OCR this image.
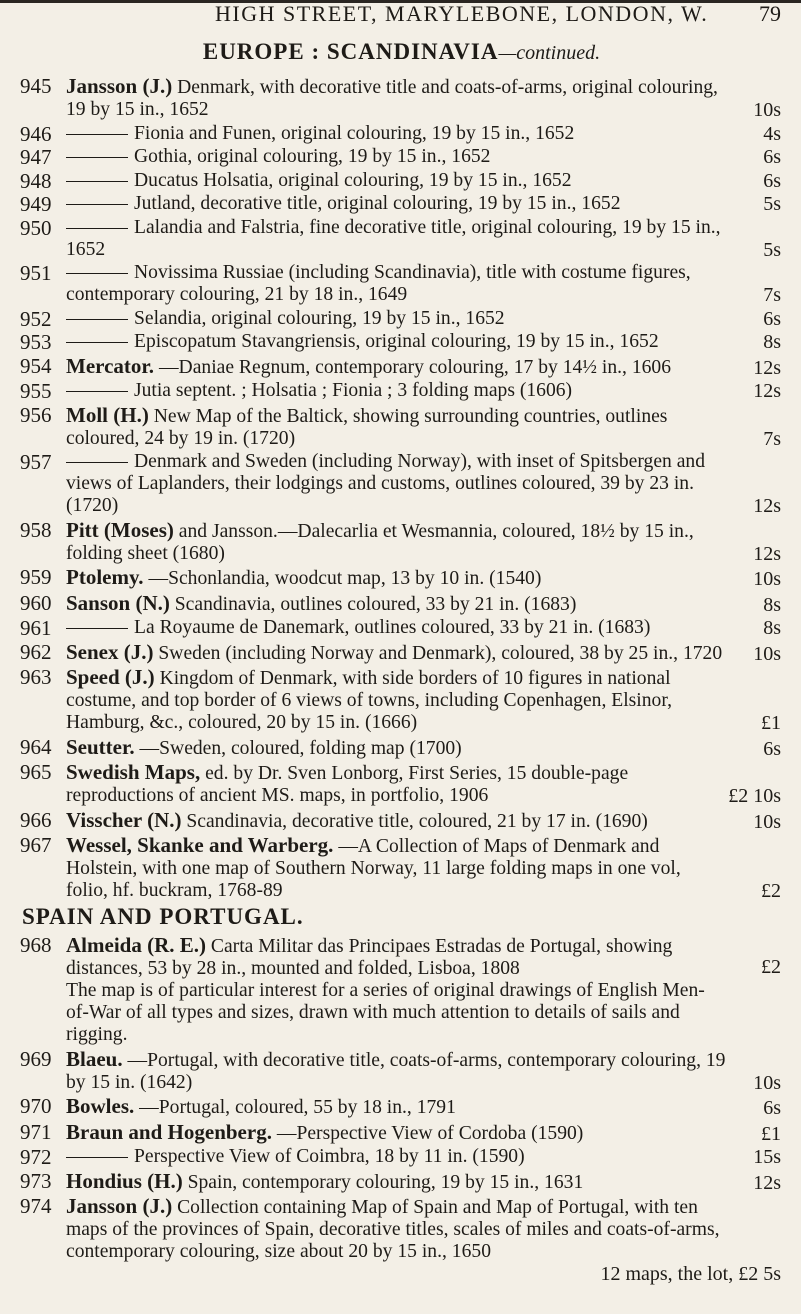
HIGH STREET, MARYLEBONE, LONDON, W. 79
EUROPE : SCANDINAVIA—continued.
945 Jansson (J.) Denmark, with decorative title and coats-of-arms, original colouring, 19 by 15 in., 1652	10s
946	Fionia and Funen, original colouring, 19 by 15 in., 1652	4s
947	Gothia, original colouring, 19 by 15 in., 1652	6s
948	Ducatus Holsatia, original colouring, 19 by 15 in., 1652	6s
949	Jutland, decorative title, original colouring, 19 by 15 in., 1652	5s
950	Lalandia and Falstria, fine decorative title, original colouring, 19 by 15 in., 1652	5s
951	Novissima Russiae (including Scandinavia), title with costume figures, contemporary colouring, 21 by 18 in., 1649	7s
952	Selandia, original colouring, 19 by 15 in., 1652	6s
953	Episcopatum Stavangriensis, original colouring, 19 by 15 in., 1652	8s
954 Mercator. —Daniae Regnum, contemporary colouring, 17 by 14½ in., 1606	12s
955	Jutia septent. ; Holsatia ; Fionia ; 3 folding maps (1606)	12s
956 Moll (H.) New Map of the Baltick, showing surrounding countries, outlines coloured, 24 by 19 in. (1720)	7s
957	Denmark and Sweden (including Norway), with inset of Spitsbergen and views of Laplanders, their lodgings and customs, outlines coloured, 39 by 23 in. (1720)	12s
958 Pitt (Moses) and Jansson.—Dalecarlia et Wesmannia, coloured, 18½ by 15 in., folding sheet (1680)	12s
959 Ptolemy. —Schonlandia, woodcut map, 13 by 10 in. (1540)	10s
960 Sanson (N.) Scandinavia, outlines coloured, 33 by 21 in. (1683)	8s
961	La Royaume de Danemark, outlines coloured, 33 by 21 in. (1683)	8s
962 Senex (J.) Sweden (including Norway and Denmark), coloured, 38 by 25 in., 1720 10s
963 Speed (J.) Kingdom of Denmark, with side borders of 10 figures in national costume, and top border of 6 views of towns, including Copenhagen, Elsinor, Hamburg, &c., coloured, 20 by 15 in. (1666)	£1
964 Seutter. —Sweden, coloured, folding map (1700)	6s
965 Swedish Maps, ed. by Dr. Sven Lonborg, First Series, 15 double-page reproductions of ancient MS. maps, in portfolio, 1906	£2 10s
966 Visscher (N.) Scandinavia, decorative title, coloured, 21 by 17 in. (1690)	10s
967 Wessel, Skanke and Warberg. —A Collection of Maps of Denmark and Holstein, with one map of Southern Norway, 11 large folding maps in one vol, folio, hf. buckram, 1768-89	£2
SPAIN AND PORTUGAL.
968 Almeida (R. E.) Carta Militar das Principaes Estradas de Portugal, showing distances, 53 by 28 in., mounted and folded, Lisboa, 1808	£2
The map is of particular interest for a series of original drawings of English Men-of-War of all types and sizes, drawn with much attention to details of sails and rigging.
969 Blaeu. —Portugal, with decorative title, coats-of-arms, contemporary colouring, 19 by 15 in. (1642)	10s
970 Bowles. —Portugal, coloured, 55 by 18 in., 1791	6s
971 Braun and Hogenberg. —Perspective View of Cordoba (1590)	£1
972	Perspective View of Coimbra, 18 by 11 in. (1590)	15s
973 Hondius (H.) Spain, contemporary colouring, 19 by 15 in., 1631	12s
974 Jansson (J.) Collection containing Map of Spain and Map of Portugal, with ten maps of the provinces of Spain, decorative titles, scales of miles and coats-of-arms, contemporary colouring, size about 20 by 15 in., 1650
12 maps, the lot, £2 5s
